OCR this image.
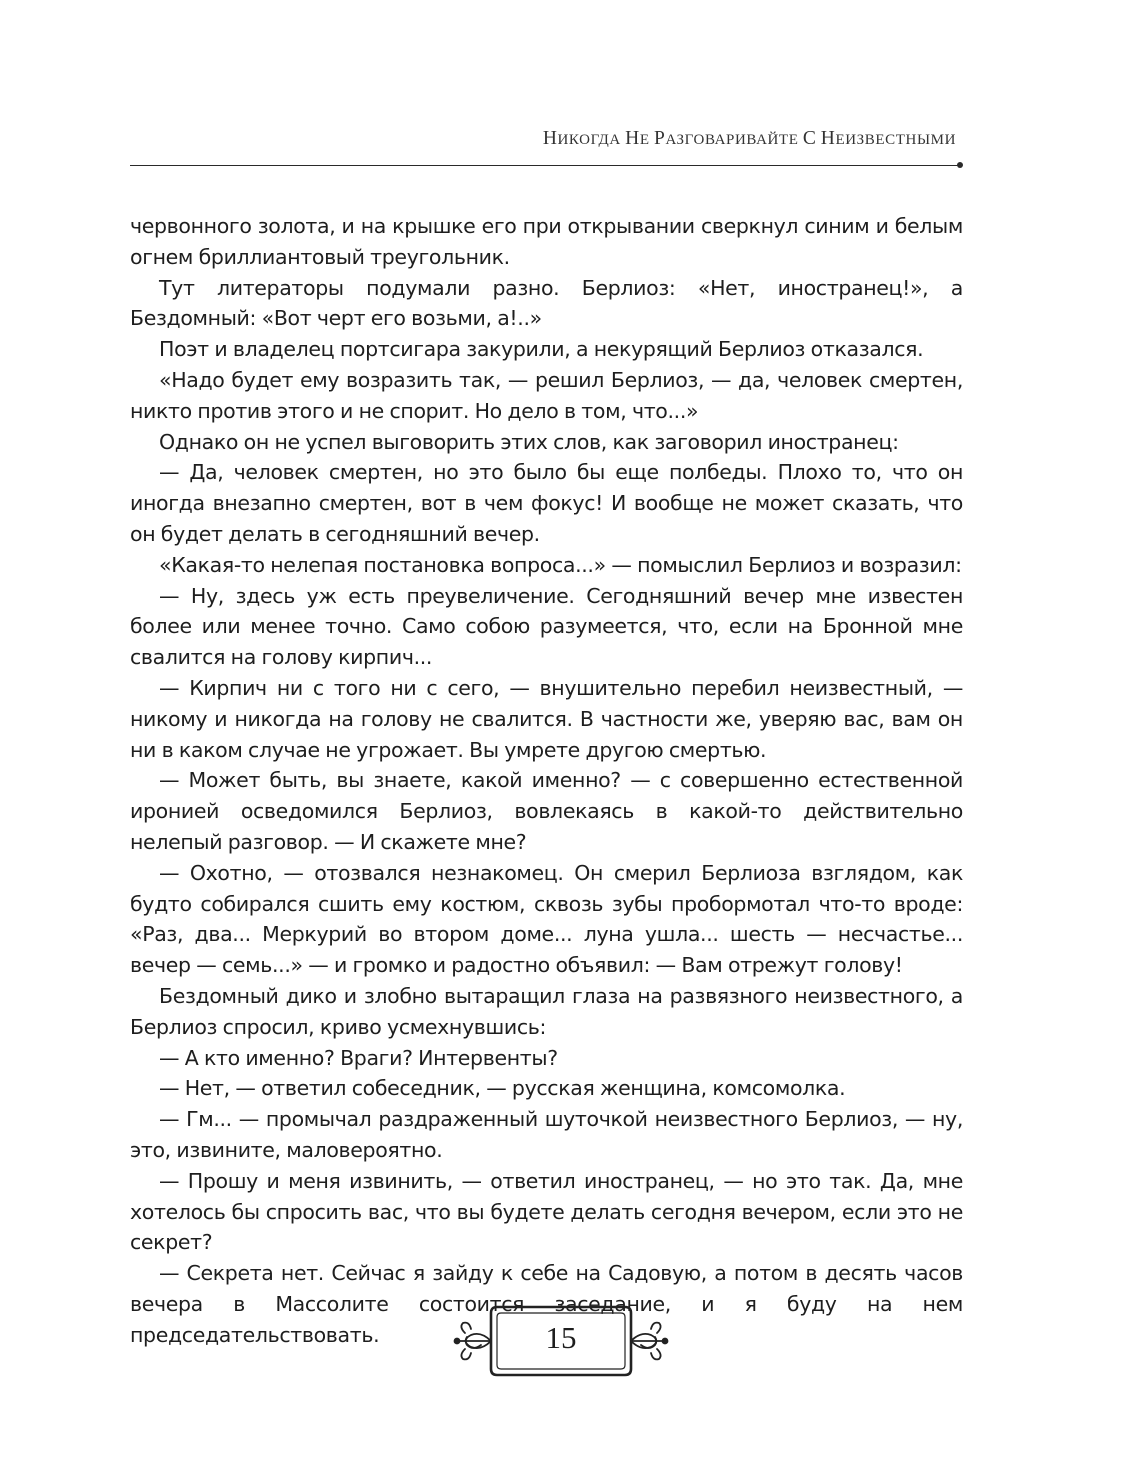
НИКОГДА НЕ РАЗГОВАРИВАЙТЕ С НЕИЗВЕСТНЫМИ

червонного золота, и на крышке его при открывании сверкнул синим и белым огнем бриллиантовый треугольник.

Тут литераторы подумали разно. Берлиоз: «Нет, иностранец!», а Бездомный: «Вот черт его возьми, а!..»

Поэт и владелец портсигара закурили, а некурящий Берлиоз отказался.

«Надо будет ему возразить так, — решил Берлиоз, — да, человек смертен, никто против этого и не спорит. Но дело в том, что...»

Однако он не успел выговорить этих слов, как заговорил иностранец:

— Да, человек смертен, но это было бы еще полбеды. Плохо то, что он иногда внезапно смертен, вот в чем фокус! И вообще не может сказать, что он будет делать в сегодняшний вечер.

«Какая-то нелепая постановка вопроса...» — помыслил Берлиоз и возразил:

— Ну, здесь уж есть преувеличение. Сегодняшний вечер мне известен более или менее точно. Само собою разумеется, что, если на Бронной мне свалится на голову кирпич...

— Кирпич ни с того ни с сего, — внушительно перебил неизвестный, — никому и никогда на голову не свалится. В частности же, уверяю вас, вам он ни в каком случае не угрожает. Вы умрете другою смертью.

— Может быть, вы знаете, какой именно? — с совершенно естественной иронией осведомился Берлиоз, вовлекаясь в какой-то действительно нелепый разговор. — И скажете мне?

— Охотно, — отозвался незнакомец. Он смерил Берлиоза взглядом, как будто собирался сшить ему костюм, сквозь зубы пробормотал что-то вроде: «Раз, два... Меркурий во втором доме... луна ушла... шесть — несчастье... вечер — семь...» — и громко и радостно объявил: — Вам отрежут голову!

Бездомный дико и злобно вытаращил глаза на развязного неизвестного, а Берлиоз спросил, криво усмехнувшись:

— А кто именно? Враги? Интервенты?

— Нет, — ответил собеседник, — русская женщина, комсомолка.

— Гм... — промычал раздраженный шуточкой неизвестного Берлиоз, — ну, это, извините, маловероятно.

— Прошу и меня извинить, — ответил иностранец, — но это так. Да, мне хотелось бы спросить вас, что вы будете делать сегодня вечером, если это не секрет?

— Секрета нет. Сейчас я зайду к себе на Садовую, а потом в десять часов вечера в Массолите состоится заседание, и я буду на нем председательствовать.	15
